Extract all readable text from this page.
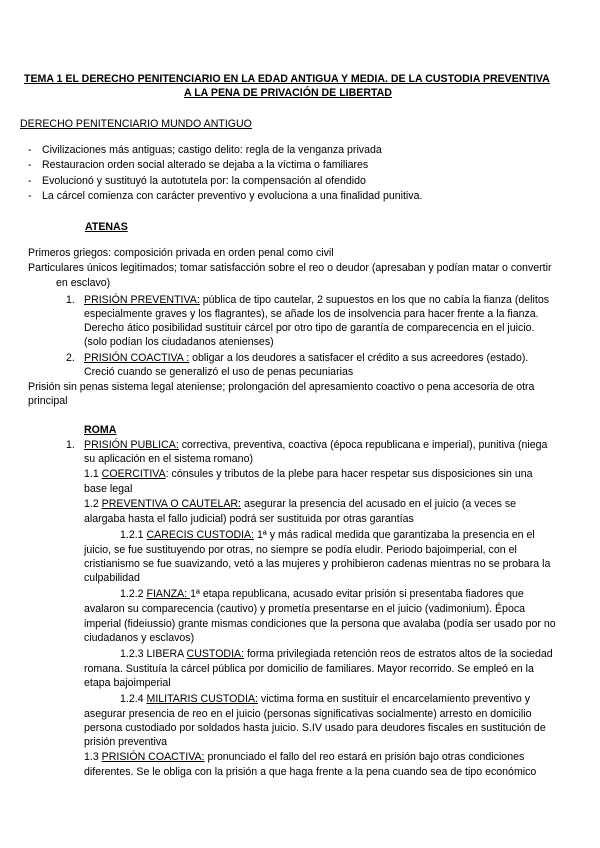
TEMA 1 EL DERECHO PENITENCIARIO EN LA EDAD ANTIGUA Y MEDIA. DE LA CUSTODIA PREVENTIVA
A LA PENA DE PRIVACIÓN DE LIBERTAD
DERECHO PENITENCIARIO MUNDO ANTIGUO
- Civilizaciones más antiguas; castigo delito: regla de la venganza privada
- Restauracion orden social alterado se dejaba a la víctima o familiares
- Evolucionó y sustituyó la autotutela por: la compensación al ofendido
- La cárcel comienza con carácter preventivo y evoluciona a una finalidad punitiva.
ATENAS
Primeros griegos: composición privada en orden penal como civil
Particulares únicos legitimados; tomar satisfacción sobre el reo o deudor (apresaban y podían matar o convertir
en esclavo)
1. PRISIÓN PREVENTIVA: pública de tipo cautelar, 2 supuestos en los que no cabía la fianza (delitos
especialmente graves y los flagrantes), se añade los de insolvencia para hacer frente a la fianza.
Derecho ático posibilidad sustituir cárcel por otro tipo de garantía de comparecencia en el juicio.
(solo podían los ciudadanos atenienses)
2. PRISIÓN COACTIVA : obligar a los deudores a satisfacer el crédito a sus acreedores (estado).
Creció cuando se generalizó el uso de penas pecuniarias
Prisión sin penas sistema legal ateniense; prolongación del apresamiento coactivo o pena accesoria de otra
principal
ROMA
1. PRISIÓN PUBLICA: correctiva, preventiva, coactiva (época republicana e imperial), punitiva (niega
su aplicación en el sistema romano)
1.1 COERCITIVA: cónsules y tributos de la plebe para hacer respetar sus disposiciones sin una
base legal
1.2 PREVENTIVA O CAUTELAR: asegurar la presencia del acusado en el juicio (a veces se
alargaba hasta el fallo judicial) podrá ser sustituida por otras garantías
1.2.1 CARECIS CUSTODIA: 1ª y más radical medida que garantizaba la presencia en el
juicio, se fue sustituyendo por otras, no siempre se podía eludir. Periodo bajoimperial, con el
cristianismo se fue suavizando, vetó a las mujeres y prohibieron cadenas mientras no se probara la
culpabilidad
1.2.2 FIANZA: 1ª etapa republicana, acusado evitar prisión si presentaba fiadores que
avalaron su comparecencia (cautivo) y prometía presentarse en el juicio (vadimonium). Época
imperial (fideiussio) grante mismas condiciones que la persona que avalaba (podía ser usado por no
ciudadanos y esclavos)
1.2.3 LIBERA CUSTODIA: forma privilegiada retención reos de estratos altos de la sociedad
romana. Sustituía la cárcel pública por domicilio de familiares. Mayor recorrido. Se empleó en la
etapa bajoimperial
1.2.4 MILITARIS CUSTODIA: victima forma en sustituir el encarcelamiento preventivo y
asegurar presencia de reo en el juicio (personas significativas socialmente) arresto en domicilio
persona custodiado por soldados hasta juicio. S.IV usado para deudores fiscales en sustitución de
prisión preventiva
1.3 PRISIÓN COACTIVA: pronunciado el fallo del reo estará en prisión bajo otras condiciones
diferentes. Se le obliga con la prisión a que haga frente a la pena cuando sea de tipo económico
